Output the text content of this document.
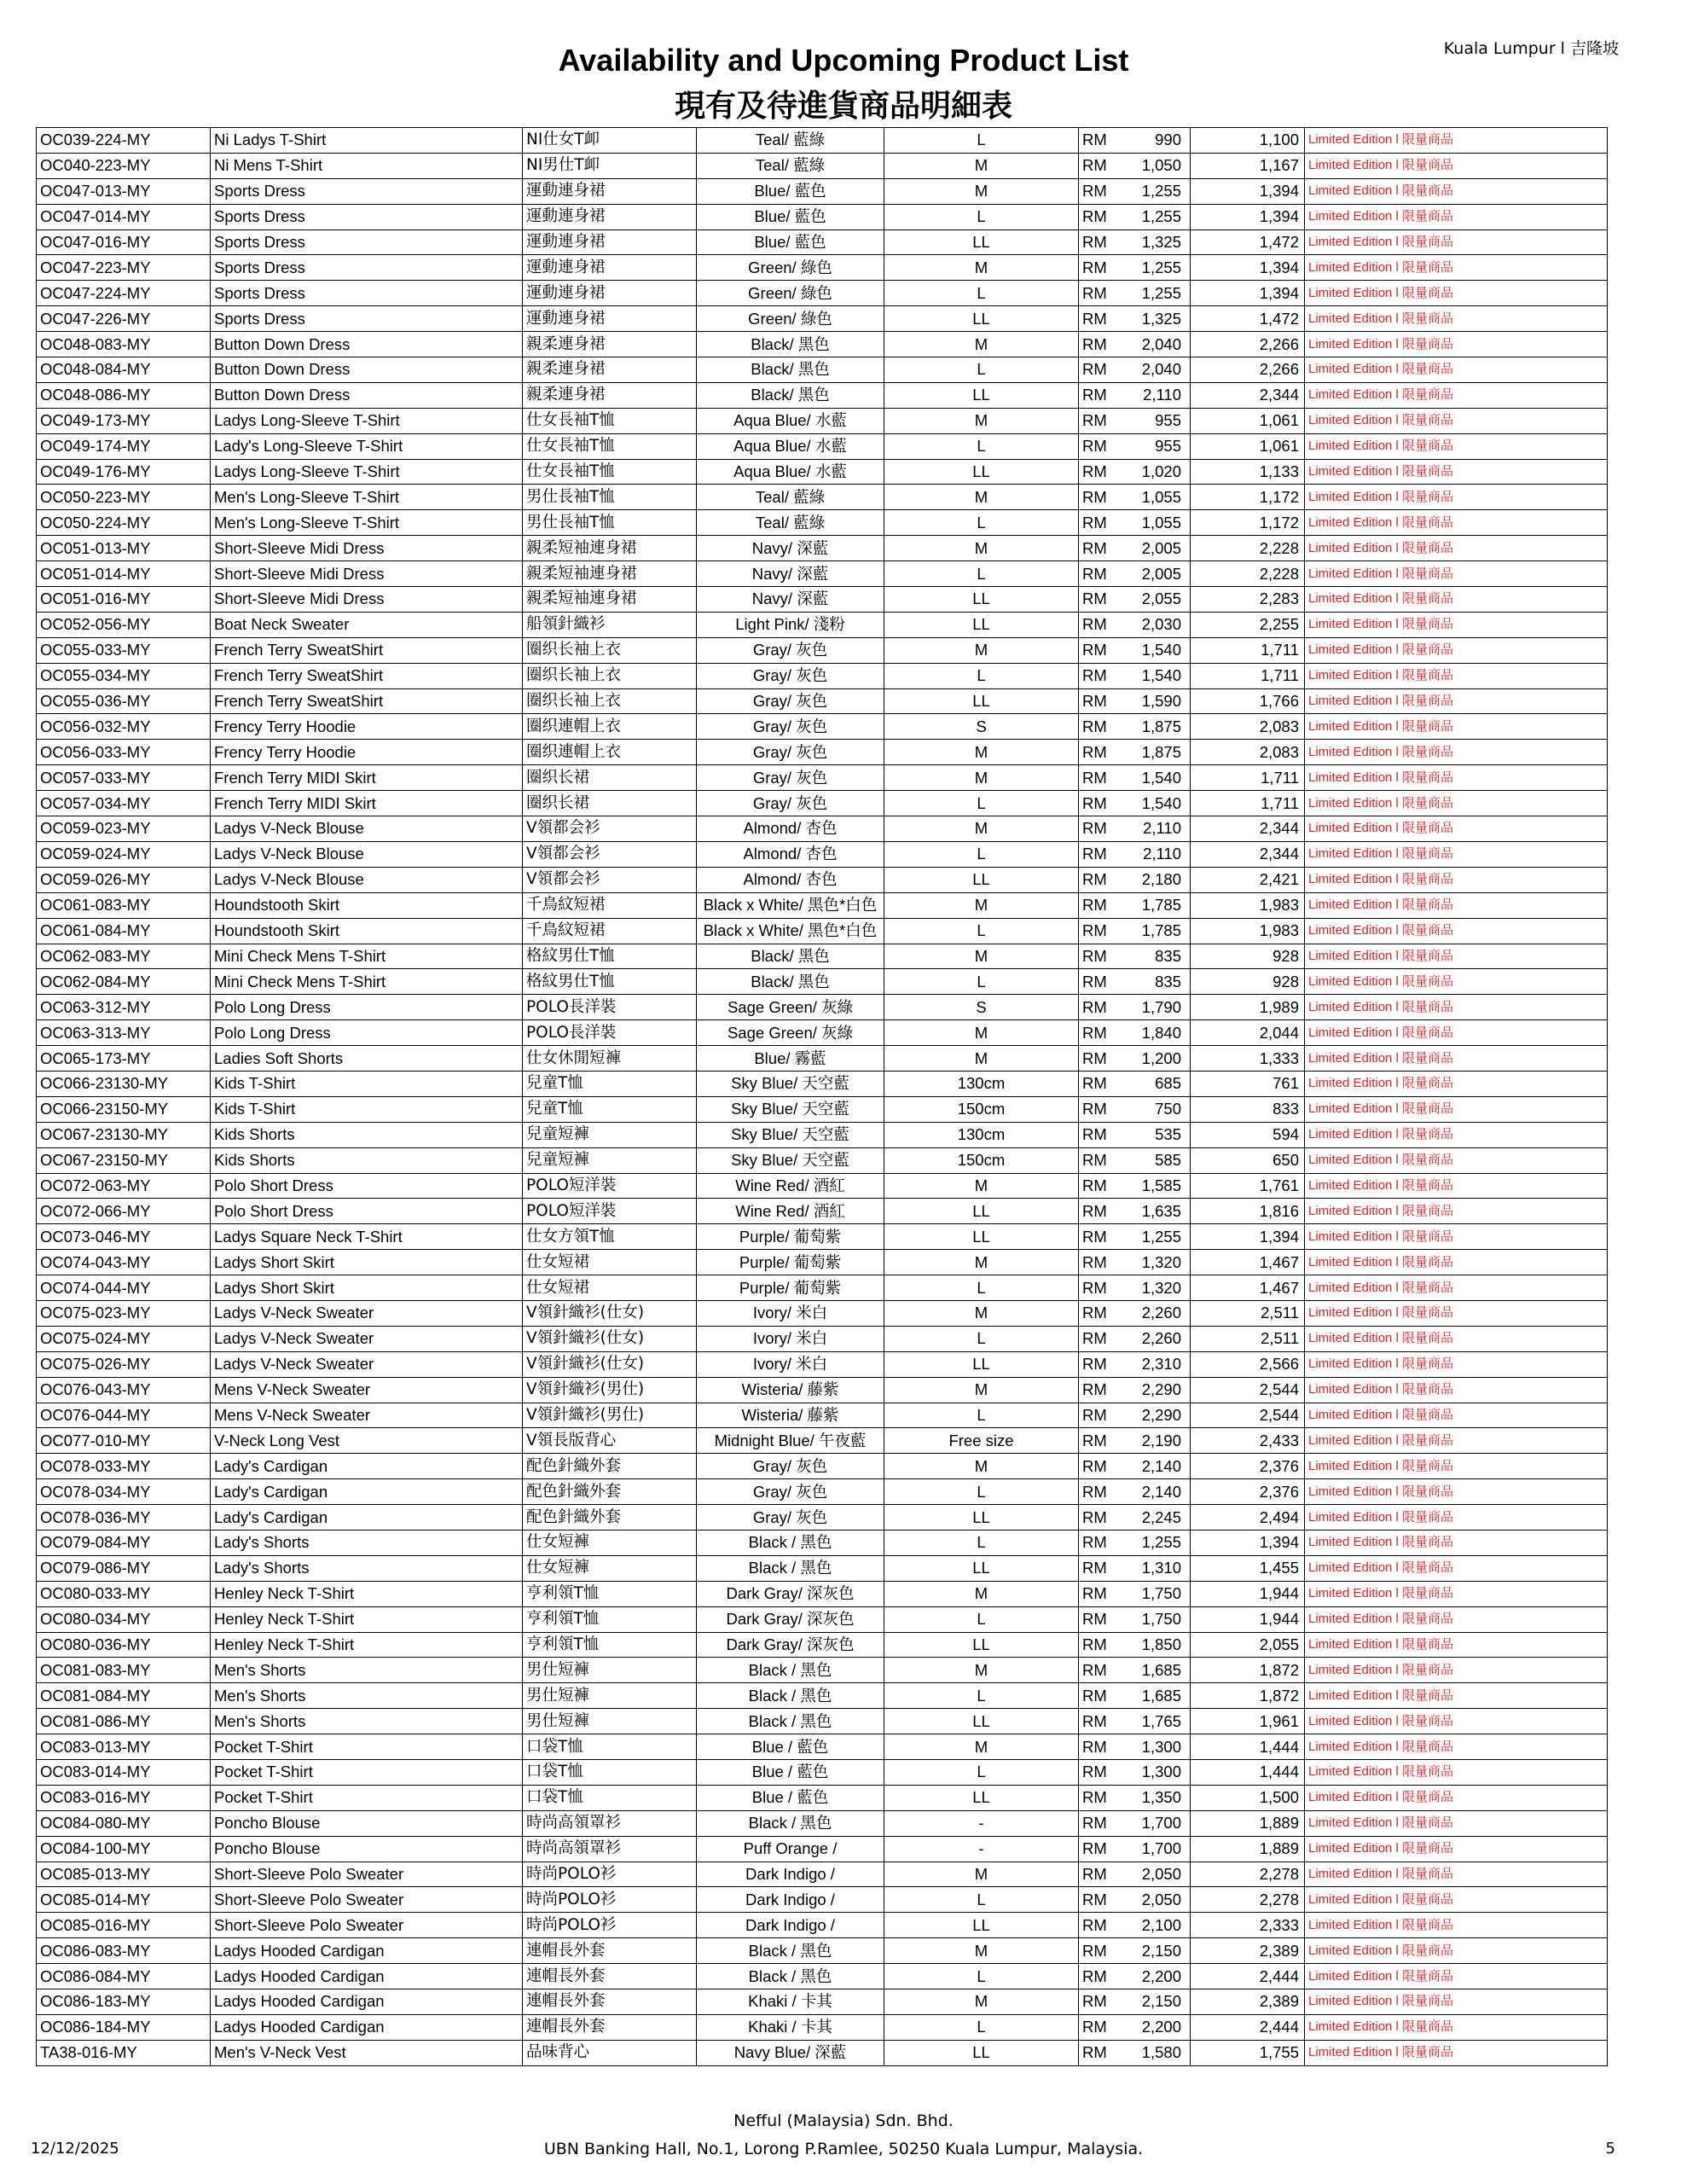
Kuala Lumpur l 吉隆坡
Availability and Upcoming Product List
現有及待進貨商品明細表
OC039-224-MY	Ni Ladys T-Shirt	NI仕女T卹	Teal/ 藍綠	L	RM	990	1,100	Limited Edition l 限量商品
OC040-223-MY	Ni Mens T-Shirt	NI男仕T卹	Teal/ 藍綠	M	RM	1,050	1,167	Limited Edition l 限量商品
OC047-013-MY	Sports Dress	運動連身裙	Blue/ 藍色	M	RM	1,255	1,394	Limited Edition l 限量商品
OC047-014-MY	Sports Dress	運動連身裙	Blue/ 藍色	L	RM	1,255	1,394	Limited Edition l 限量商品
OC047-016-MY	Sports Dress	運動連身裙	Blue/ 藍色	LL	RM	1,325	1,472	Limited Edition l 限量商品
OC047-223-MY	Sports Dress	運動連身裙	Green/ 綠色	M	RM	1,255	1,394	Limited Edition l 限量商品
OC047-224-MY	Sports Dress	運動連身裙	Green/ 綠色	L	RM	1,255	1,394	Limited Edition l 限量商品
OC047-226-MY	Sports Dress	運動連身裙	Green/ 綠色	LL	RM	1,325	1,472	Limited Edition l 限量商品
OC048-083-MY	Button Down Dress	親柔連身裙	Black/ 黑色	M	RM	2,040	2,266	Limited Edition l 限量商品
OC048-084-MY	Button Down Dress	親柔連身裙	Black/ 黑色	L	RM	2,040	2,266	Limited Edition l 限量商品
OC048-086-MY	Button Down Dress	親柔連身裙	Black/ 黑色	LL	RM	2,110	2,344	Limited Edition l 限量商品
OC049-173-MY	Ladys Long-Sleeve T-Shirt	仕女長袖T恤	Aqua Blue/ 水藍	M	RM	955	1,061	Limited Edition l 限量商品
OC049-174-MY	Lady's Long-Sleeve T-Shirt	仕女長袖T恤	Aqua Blue/ 水藍	L	RM	955	1,061	Limited Edition l 限量商品
OC049-176-MY	Ladys Long-Sleeve T-Shirt	仕女長袖T恤	Aqua Blue/ 水藍	LL	RM	1,020	1,133	Limited Edition l 限量商品
OC050-223-MY	Men's Long-Sleeve T-Shirt	男仕長袖T恤	Teal/ 藍綠	M	RM	1,055	1,172	Limited Edition l 限量商品
OC050-224-MY	Men's Long-Sleeve T-Shirt	男仕長袖T恤	Teal/ 藍綠	L	RM	1,055	1,172	Limited Edition l 限量商品
OC051-013-MY	Short-Sleeve Midi Dress	親柔短袖連身裙	Navy/ 深藍	M	RM	2,005	2,228	Limited Edition l 限量商品
OC051-014-MY	Short-Sleeve Midi Dress	親柔短袖連身裙	Navy/ 深藍	L	RM	2,005	2,228	Limited Edition l 限量商品
OC051-016-MY	Short-Sleeve Midi Dress	親柔短袖連身裙	Navy/ 深藍	LL	RM	2,055	2,283	Limited Edition l 限量商品
OC052-056-MY	Boat Neck Sweater	船領針織衫	Light Pink/ 淺粉	LL	RM	2,030	2,255	Limited Edition l 限量商品
OC055-033-MY	French Terry SweatShirt	圈织长袖上衣	Gray/ 灰色	M	RM	1,540	1,711	Limited Edition l 限量商品
OC055-034-MY	French Terry SweatShirt	圈织长袖上衣	Gray/ 灰色	L	RM	1,540	1,711	Limited Edition l 限量商品
OC055-036-MY	French Terry SweatShirt	圈织长袖上衣	Gray/ 灰色	LL	RM	1,590	1,766	Limited Edition l 限量商品
OC056-032-MY	Frency Terry Hoodie	圈织連帽上衣	Gray/ 灰色	S	RM	1,875	2,083	Limited Edition l 限量商品
OC056-033-MY	Frency Terry Hoodie	圈织連帽上衣	Gray/ 灰色	M	RM	1,875	2,083	Limited Edition l 限量商品
OC057-033-MY	French Terry MIDI Skirt	圈织长裙	Gray/ 灰色	M	RM	1,540	1,711	Limited Edition l 限量商品
OC057-034-MY	French Terry MIDI Skirt	圈织长裙	Gray/ 灰色	L	RM	1,540	1,711	Limited Edition l 限量商品
OC059-023-MY	Ladys V-Neck Blouse	V領都会衫	Almond/ 杏色	M	RM	2,110	2,344	Limited Edition l 限量商品
OC059-024-MY	Ladys V-Neck Blouse	V領都会衫	Almond/ 杏色	L	RM	2,110	2,344	Limited Edition l 限量商品
OC059-026-MY	Ladys V-Neck Blouse	V領都会衫	Almond/ 杏色	LL	RM	2,180	2,421	Limited Edition l 限量商品
OC061-083-MY	Houndstooth Skirt	千鳥紋短裙	Black x White/ 黑色*白色	M	RM	1,785	1,983	Limited Edition l 限量商品
OC061-084-MY	Houndstooth Skirt	千鳥紋短裙	Black x White/ 黑色*白色	L	RM	1,785	1,983	Limited Edition l 限量商品
OC062-083-MY	Mini Check Mens T-Shirt	格紋男仕T恤	Black/ 黑色	M	RM	835	928	Limited Edition l 限量商品
OC062-084-MY	Mini Check Mens T-Shirt	格紋男仕T恤	Black/ 黑色	L	RM	835	928	Limited Edition l 限量商品
OC063-312-MY	Polo Long Dress	POLO長洋裝	Sage Green/ 灰綠	S	RM	1,790	1,989	Limited Edition l 限量商品
OC063-313-MY	Polo Long Dress	POLO長洋裝	Sage Green/ 灰綠	M	RM	1,840	2,044	Limited Edition l 限量商品
OC065-173-MY	Ladies Soft Shorts	仕女休閒短褲	Blue/ 霧藍	M	RM	1,200	1,333	Limited Edition l 限量商品
OC066-23130-MY	Kids T-Shirt	兒童T恤	Sky Blue/ 天空藍	130cm	RM	685	761	Limited Edition l 限量商品
OC066-23150-MY	Kids T-Shirt	兒童T恤	Sky Blue/ 天空藍	150cm	RM	750	833	Limited Edition l 限量商品
OC067-23130-MY	Kids Shorts	兒童短褲	Sky Blue/ 天空藍	130cm	RM	535	594	Limited Edition l 限量商品
OC067-23150-MY	Kids Shorts	兒童短褲	Sky Blue/ 天空藍	150cm	RM	585	650	Limited Edition l 限量商品
OC072-063-MY	Polo Short Dress	POLO短洋裝	Wine Red/ 酒紅	M	RM	1,585	1,761	Limited Edition l 限量商品
OC072-066-MY	Polo Short Dress	POLO短洋裝	Wine Red/ 酒紅	LL	RM	1,635	1,816	Limited Edition l 限量商品
OC073-046-MY	Ladys Square Neck T-Shirt	仕女方領T恤	Purple/ 葡萄紫	LL	RM	1,255	1,394	Limited Edition l 限量商品
OC074-043-MY	Ladys Short Skirt	仕女短裙	Purple/ 葡萄紫	M	RM	1,320	1,467	Limited Edition l 限量商品
OC074-044-MY	Ladys Short Skirt	仕女短裙	Purple/ 葡萄紫	L	RM	1,320	1,467	Limited Edition l 限量商品
OC075-023-MY	Ladys V-Neck Sweater	V領針織衫(仕女)	Ivory/ 米白	M	RM	2,260	2,511	Limited Edition l 限量商品
OC075-024-MY	Ladys V-Neck Sweater	V領針織衫(仕女)	Ivory/ 米白	L	RM	2,260	2,511	Limited Edition l 限量商品
OC075-026-MY	Ladys V-Neck Sweater	V領針織衫(仕女)	Ivory/ 米白	LL	RM	2,310	2,566	Limited Edition l 限量商品
OC076-043-MY	Mens V-Neck Sweater	V領針織衫(男仕)	Wisteria/ 藤紫	M	RM	2,290	2,544	Limited Edition l 限量商品
OC076-044-MY	Mens V-Neck Sweater	V領針織衫(男仕)	Wisteria/ 藤紫	L	RM	2,290	2,544	Limited Edition l 限量商品
OC077-010-MY	V-Neck Long Vest	V領長版背心	Midnight Blue/ 午夜藍	Free size	RM	2,190	2,433	Limited Edition l 限量商品
OC078-033-MY	Lady's Cardigan	配色針織外套	Gray/ 灰色	M	RM	2,140	2,376	Limited Edition l 限量商品
OC078-034-MY	Lady's Cardigan	配色針織外套	Gray/ 灰色	L	RM	2,140	2,376	Limited Edition l 限量商品
OC078-036-MY	Lady's Cardigan	配色針織外套	Gray/ 灰色	LL	RM	2,245	2,494	Limited Edition l 限量商品
OC079-084-MY	Lady's Shorts	仕女短褲	Black / 黑色	L	RM	1,255	1,394	Limited Edition l 限量商品
OC079-086-MY	Lady's Shorts	仕女短褲	Black / 黑色	LL	RM	1,310	1,455	Limited Edition l 限量商品
OC080-033-MY	Henley Neck T-Shirt	亨利領T恤	Dark Gray/ 深灰色	M	RM	1,750	1,944	Limited Edition l 限量商品
OC080-034-MY	Henley Neck T-Shirt	亨利領T恤	Dark Gray/ 深灰色	L	RM	1,750	1,944	Limited Edition l 限量商品
OC080-036-MY	Henley Neck T-Shirt	亨利領T恤	Dark Gray/ 深灰色	LL	RM	1,850	2,055	Limited Edition l 限量商品
OC081-083-MY	Men's Shorts	男仕短褲	Black / 黑色	M	RM	1,685	1,872	Limited Edition l 限量商品
OC081-084-MY	Men's Shorts	男仕短褲	Black / 黑色	L	RM	1,685	1,872	Limited Edition l 限量商品
OC081-086-MY	Men's Shorts	男仕短褲	Black / 黑色	LL	RM	1,765	1,961	Limited Edition l 限量商品
OC083-013-MY	Pocket T-Shirt	口袋T恤	Blue / 藍色	M	RM	1,300	1,444	Limited Edition l 限量商品
OC083-014-MY	Pocket T-Shirt	口袋T恤	Blue / 藍色	L	RM	1,300	1,444	Limited Edition l 限量商品
OC083-016-MY	Pocket T-Shirt	口袋T恤	Blue / 藍色	LL	RM	1,350	1,500	Limited Edition l 限量商品
OC084-080-MY	Poncho Blouse	時尚高領罩衫	Black / 黑色	-	RM	1,700	1,889	Limited Edition l 限量商品
OC084-100-MY	Poncho Blouse	時尚高領罩衫	Puff Orange /	-	RM	1,700	1,889	Limited Edition l 限量商品
OC085-013-MY	Short-Sleeve Polo Sweater	時尚POLO衫	Dark Indigo /	M	RM	2,050	2,278	Limited Edition l 限量商品
OC085-014-MY	Short-Sleeve Polo Sweater	時尚POLO衫	Dark Indigo /	L	RM	2,050	2,278	Limited Edition l 限量商品
OC085-016-MY	Short-Sleeve Polo Sweater	時尚POLO衫	Dark Indigo /	LL	RM	2,100	2,333	Limited Edition l 限量商品
OC086-083-MY	Ladys Hooded Cardigan	連帽長外套	Black / 黑色	M	RM	2,150	2,389	Limited Edition l 限量商品
OC086-084-MY	Ladys Hooded Cardigan	連帽長外套	Black / 黑色	L	RM	2,200	2,444	Limited Edition l 限量商品
OC086-183-MY	Ladys Hooded Cardigan	連帽長外套	Khaki / 卡其	M	RM	2,150	2,389	Limited Edition l 限量商品
OC086-184-MY	Ladys Hooded Cardigan	連帽長外套	Khaki / 卡其	L	RM	2,200	2,444	Limited Edition l 限量商品
TA38-016-MY	Men's V-Neck Vest	品味背心	Navy Blue/ 深藍	LL	RM	1,580	1,755	Limited Edition l 限量商品
Nefful (Malaysia) Sdn. Bhd.
UBN Banking Hall, No.1, Lorong P.Ramlee, 50250 Kuala Lumpur, Malaysia.
12/12/2025	5
